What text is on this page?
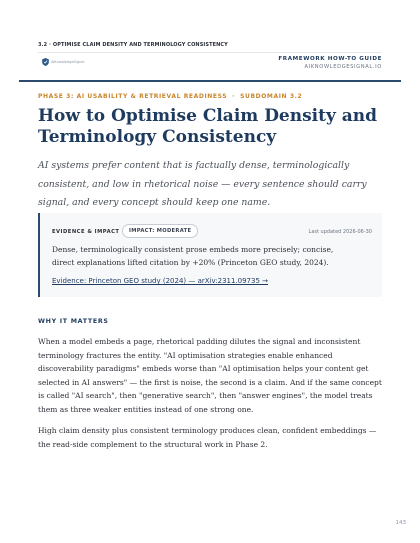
3.2 · OPTIMISE CLAIM DENSITY AND TERMINOLOGY CONSISTENCY
AIKnowledgeSignal	FRAMEWORK HOW-TO GUIDE
AIKNOWLEDGESIGNAL.IO
PHASE 3: AI USABILITY & RETRIEVAL READINESS · SUBDOMAIN 3.2
How to Optimise Claim Density and Terminology Consistency

AI systems prefer content that is factually dense, terminologically consistent, and low in rhetorical noise — every sentence should carry signal, and every concept should keep one name.

EVIDENCE & IMPACT	IMPACT: MODERATE	Last updated 2026-06-30

Dense, terminologically consistent prose embeds more precisely; concise, direct explanations lifted citation by +20% (Princeton GEO study, 2024).

Evidence: Princeton GEO study (2024) — arXiv:2311.09735 →
WHY IT MATTERS

When a model embeds a page, rhetorical padding dilutes the signal and inconsistent terminology fractures the entity. "AI optimisation strategies enable enhanced discoverability paradigms" embeds worse than "AI optimisation helps your content get selected in AI answers" — the first is noise, the second is a claim. And if the same concept is called "AI search", then "generative search", then "answer engines", the model treats them as three weaker entities instead of one strong one.

High claim density plus consistent terminology produces clean, confident embeddings — the read-side complement to the structural work in Phase 2.

143
